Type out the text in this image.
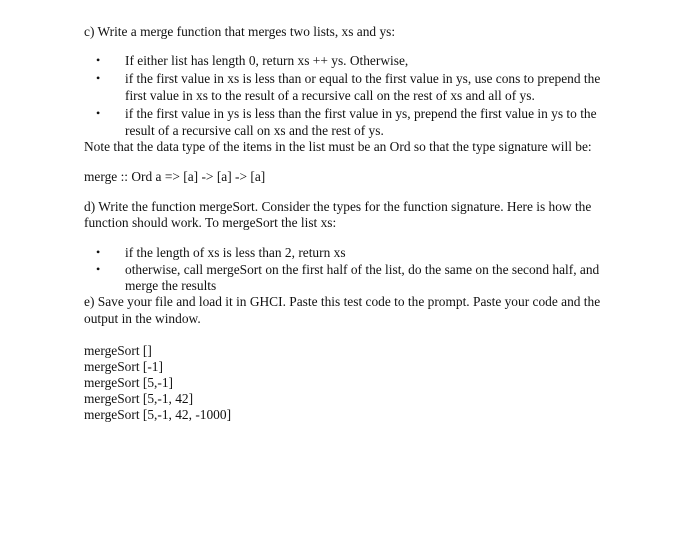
c) Write a merge function that merges two lists, xs and ys:
• If either list has length 0, return xs ++ ys. Otherwise,
• if the first value in xs is less than or equal to the first value in ys, use cons to prepend the
first value in xs to the result of a recursive call on the rest of xs and all of ys.
• if the first value in ys is less than the first value in ys, prepend the first value in ys to the
result of a recursive call on xs and the rest of ys.
Note that the data type of the items in the list must be an Ord so that the type signature will be:
merge :: Ord a => [a] -> [a] -> [a]
d) Write the function mergeSort. Consider the types for the function signature. Here is how the
function should work. To mergeSort the list xs:
• if the length of xs is less than 2, return xs
• otherwise, call mergeSort on the first half of the list, do the same on the second half, and
merge the results
e) Save your file and load it in GHCI. Paste this test code to the prompt. Paste your code and the
output in the window.
mergeSort []
mergeSort [-1]
mergeSort [5,-1]
mergeSort [5,-1, 42]
mergeSort [5,-1, 42, -1000]
